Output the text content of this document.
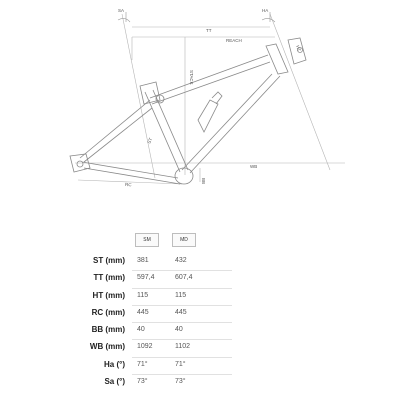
TT
REACH
STACK
WB
RC
BB
ST
HT
HA
SA
SM	MD
ST (mm) 381	432
TT (mm) 597,4	607,4
HT (mm) 115	115
RC (mm) 445	445
BB (mm) 40	40
WB (mm) 1092	1102
Ha (°) 71°	71°
Sa (°) 73°	73°
